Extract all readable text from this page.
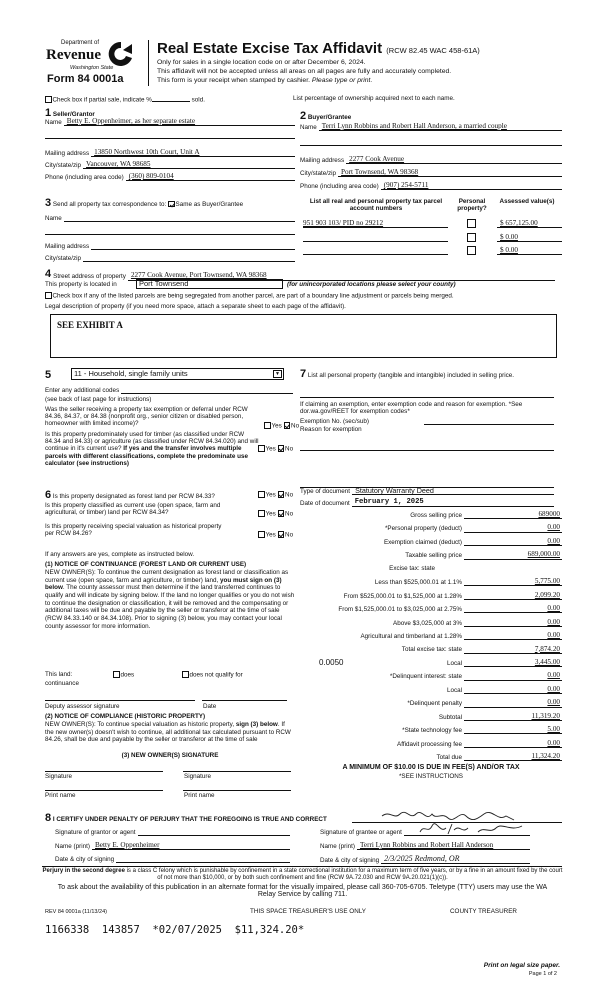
Department of
Revenue
Washington State
Form 84 0001a
Real Estate Excise Tax Affidavit (RCW 82.45 WAC 458-61A)
Only for sales in a single location code on or after December 6, 2024.
This affidavit will not be accepted unless all areas on all pages are fully and accurately completed.
This form is your receipt when stamped by cashier. Please type or print.
Check box if partial sale, indicate %	sold.	List percentage of ownership acquired next to each name.
1 Seller/Grantor
Name Betty E. Oppenheimer, as her separate estate
Mailing address 13850 Northwest 10th Court, Unit A
City/state/zip Vancouver, WA 98685
Phone (including area code) (360) 809-0104
2 Buyer/Grantee
Name Terri Lynn Robbins and Robert Hall Anderson, a married couple
Mailing address 2277 Cook Avenue
City/state/zip Port Townsend, WA 98368
Phone (including area code) (907) 254-5711
3 Send all property tax correspondence to: Same as Buyer/Grantee
Name
Mailing address
City/state/zip
List all real and personal property tax parcel account numbers
Personal property?
Assessed value(s)
951 903 103/ PID no 29212	$ 657,125.00
$ 0.00
$ 0.00
4 Street address of property 2277 Cook Avenue, Port Townsend, WA 98368
This property is located in	Port Townsend	(for unincorporated locations please select your county)
Check box if any of the listed parcels are being segregated from another parcel, are part of a boundary line adjustment or parcels being merged.
Legal description of property (if you need more space, attach a separate sheet to each page of the affidavit).
SEE EXHIBIT A
5	11 - Household, single family units	▼
Enter any additional codes
(see back of last page for instructions)
Was the seller receiving a property tax exemption or deferral under RCW 84.36, 84.37, or 84.38 (nonprofit org., senior citizen or disabled person, homeowner with limited income)?	Yes No
Is this property predominately used for timber (as classified under RCW 84.34 and 84.33) or agriculture (as classified under RCW 84.34.020) and will continue in it's current use? If yes and the transfer involves multiple parcels with different classifications, complete the predominate use calculator (see instructions)
Yes No
6 Is this property designated as forest land per RCW 84.33?	Yes No
Is this property classified as current use (open space, farm and agricultural, or timber) land per RCW 84.34?	Yes No
Is this property receiving special valuation as historical property per RCW 84.26?	Yes No
If any answers are yes, complete as instructed below.
(1) NOTICE OF CONTINUANCE (FOREST LAND OR CURRENT USE)
NEW OWNER(S): To continue the current designation as forest land or classification as current use (open space, farm and agriculture, or timber) land, you must sign on (3) below. The county assessor must then determine if the land transferred continues to qualify and will indicate by signing below. If the land no longer qualifies or you do not wish to continue the designation or classification, it will be removed and the compensating or additional taxes will be due and payable by the seller or transferor at the time of sale (RCW 84.33.140 or 84.34.108). Prior to signing (3) below, you may contact your local county assessor for more information.
This land:
continuance
does	does not qualify for
Deputy assessor signature	Date
(2) NOTICE OF COMPLIANCE (HISTORIC PROPERTY)
NEW OWNER(S): To continue special valuation as historic property, sign (3) below. If the new owner(s) doesn't wish to continue, all additional tax calculated pursuant to RCW 84.26, shall be due and payable by the seller or transferor at the time of sale
(3) NEW OWNER(S) SIGNATURE
Signature	Signature
Print name	Print name
7 List all personal property (tangible and intangible) included in selling price.
If claiming an exemption, enter exemption code and reason for exemption. *See dor.wa.gov/REET for exemption codes*
Exemption No. (sec/sub)
Reason for exemption
Type of document Statutory Warranty Deed
Date of document February 1, 2025
Gross selling price	689000
*Personal property (deduct)	0.00
Exemption claimed (deduct)	0.00
Taxable selling price	689,000.00
Excise tax: state
Less than $525,000.01 at 1.1%	5,775.00
From $525,000.01 to $1,525,000 at 1.28%	2,099.20
From $1,525,000.01 to $3,025,000 at 2.75%	0.00
Above $3,025,000 at 3%	0.00
Agricultural and timberland at 1.28%	0.00
Total excise tax: state	7,874.20
0.0050	Local	3,445.00
*Delinquent interest: state	0.00
Local	0.00
*Delinquent penalty	0.00
Subtotal	11,319.20
*State technology fee	5.00
Affidavit processing fee	0.00
Total due	11,324.20
A MINIMUM OF $10.00 IS DUE IN FEE(S) AND/OR TAX
*SEE INSTRUCTIONS
8 I CERTIFY UNDER PENALTY OF PERJURY THAT THE FOREGOING IS TRUE AND CORRECT
Signature of grantor or agent	Signature of grantee or agent
Name (print) Betty E. Oppenheimer	Name (print) Terri Lynn Robbins and Robert Hall Anderson
Date & city of signing	Date & city of signing 2/3/2025 Redmond, OR
Perjury in the second degree is a class C felony which is punishable by confinement in a state correctional institution for a maximum term of five years, or by a fine in an amount fixed by the court of not more than $10,000, or by both such confinement and fine (RCW 9A.72.030 and RCW 9A.20.021(1)(c)).
To ask about the availability of this publication in an alternate format for the visually impaired, please call 360-705-6705. Teletype (TTY) users may use the WA Relay Service by calling 711.
REV 84 0001a (11/13/24)	THIS SPACE TREASURER'S USE ONLY	COUNTY TREASURER
1166338  143857  *02/07/2025  $11,324.20*
Print on legal size paper.
Page 1 of 2
